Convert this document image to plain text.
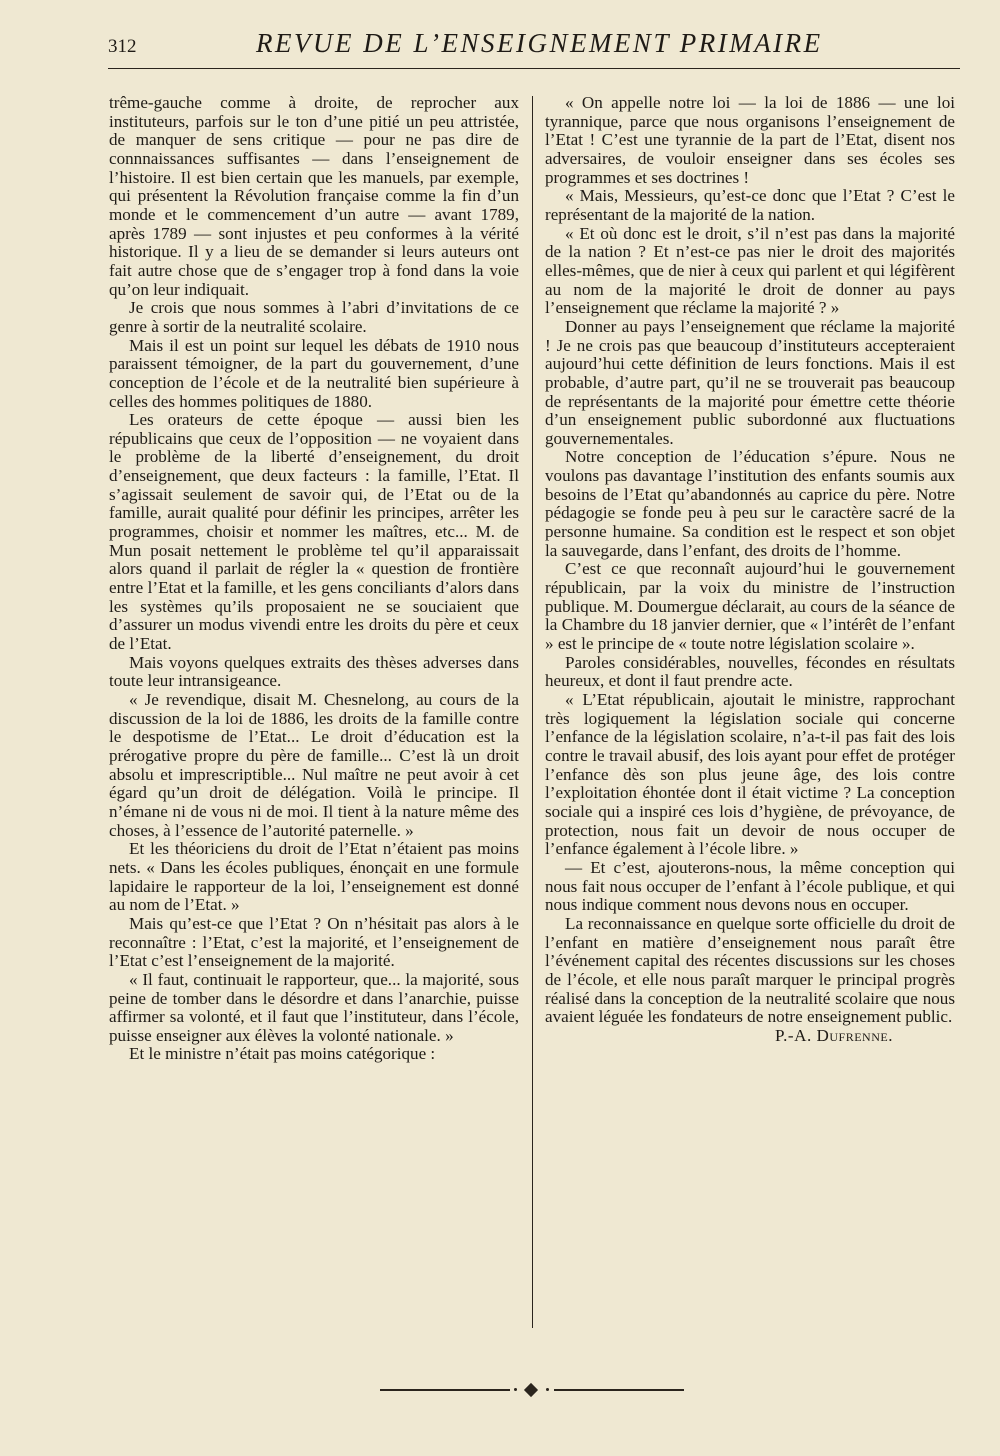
312	REVUE DE L’ENSEIGNEMENT PRIMAIRE

trême-gauche comme à droite, de reprocher aux instituteurs, parfois sur le ton d’une pitié un peu attristée, de manquer de sens critique — pour ne pas dire de connnaissances suffisantes — dans l’enseignement de l’histoire. Il est bien certain que les manuels, par exemple, qui présentent la Révolution française comme la fin d’un monde et le commencement d’un autre — avant 1789, après 1789 — sont injustes et peu conformes à la vérité historique. Il y a lieu de se demander si leurs auteurs ont fait autre chose que de s’engager trop à fond dans la voie qu’on leur indiquait.

Je crois que nous sommes à l’abri d’invitations de ce genre à sortir de la neutralité scolaire.

Mais il est un point sur lequel les débats de 1910 nous paraissent témoigner, de la part du gouvernement, d’une conception de l’école et de la neutralité bien supérieure à celles des hommes politiques de 1880.

Les orateurs de cette époque — aussi bien les républicains que ceux de l’opposition — ne voyaient dans le problème de la liberté d’enseignement, du droit d’enseignement, que deux facteurs : la famille, l’Etat. Il s’agissait seulement de savoir qui, de l’Etat ou de la famille, aurait qualité pour définir les principes, arrêter les programmes, choisir et nommer les maîtres, etc... M. de Mun posait nettement le problème tel qu’il apparaissait alors quand il parlait de régler la « question de frontière entre l’Etat et la famille, et les gens conciliants d’alors dans les systèmes qu’ils proposaient ne se souciaient que d’assurer un modus vivendi entre les droits du père et ceux de l’Etat.

Mais voyons quelques extraits des thèses adverses dans toute leur intransigeance.

« Je revendique, disait M. Chesnelong, au cours de la discussion de la loi de 1886, les droits de la famille contre le despotisme de l’Etat... Le droit d’éducation est la prérogative propre du père de famille... C’est là un droit absolu et imprescriptible... Nul maître ne peut avoir à cet égard qu’un droit de délégation. Voilà le principe. Il n’émane ni de vous ni de moi. Il tient à la nature même des choses, à l’essence de l’autorité paternelle. »

Et les théoriciens du droit de l’Etat n’étaient pas moins nets. « Dans les écoles publiques, énonçait en une formule lapidaire le rapporteur de la loi, l’enseignement est donné au nom de l’Etat. »

Mais qu’est-ce que l’Etat ? On n’hésitait pas alors à le reconnaître : l’Etat, c’est la majorité, et l’enseignement de l’Etat c’est l’enseignement de la majorité.

« Il faut, continuait le rapporteur, que... la majorité, sous peine de tomber dans le désordre et dans l’anarchie, puisse affirmer sa volonté, et il faut que l’instituteur, dans l’école, puisse enseigner aux élèves la volonté nationale. »

Et le ministre n’était pas moins catégorique :

« On appelle notre loi — la loi de 1886 — une loi tyrannique, parce que nous organisons l’enseignement de l’Etat ! C’est une tyrannie de la part de l’Etat, disent nos adversaires, de vouloir enseigner dans ses écoles ses programmes et ses doctrines !

« Mais, Messieurs, qu’est-ce donc que l’Etat ? C’est le représentant de la majorité de la nation.

« Et où donc est le droit, s’il n’est pas dans la majorité de la nation ? Et n’est-ce pas nier le droit des majorités elles-mêmes, que de nier à ceux qui parlent et qui légifèrent au nom de la majorité le droit de donner au pays l’enseignement que réclame la majorité ? »

Donner au pays l’enseignement que réclame la majorité ! Je ne crois pas que beaucoup d’instituteurs accepteraient aujourd’hui cette définition de leurs fonctions. Mais il est probable, d’autre part, qu’il ne se trouverait pas beaucoup de représentants de la majorité pour émettre cette théorie d’un enseignement public subordonné aux fluctuations gouvernementales.

Notre conception de l’éducation s’épure. Nous ne voulons pas davantage l’institution des enfants soumis aux besoins de l’Etat qu’abandonnés au caprice du père. Notre pédagogie se fonde peu à peu sur le caractère sacré de la personne humaine. Sa condition est le respect et son objet la sauvegarde, dans l’enfant, des droits de l’homme.

C’est ce que reconnaît aujourd’hui le gouvernement républicain, par la voix du ministre de l’instruction publique. M. Doumergue déclarait, au cours de la séance de la Chambre du 18 janvier dernier, que « l’intérêt de l’enfant » est le principe de « toute notre législation scolaire ».

Paroles considérables, nouvelles, fécondes en résultats heureux, et dont il faut prendre acte.

« L’Etat républicain, ajoutait le ministre, rapprochant très logiquement la législation sociale qui concerne l’enfance de la législation scolaire, n’a-t-il pas fait des lois contre le travail abusif, des lois ayant pour effet de protéger l’enfance dès son plus jeune âge, des lois contre l’exploitation éhontée dont il était victime ? La conception sociale qui a inspiré ces lois d’hygiène, de prévoyance, de protection, nous fait un devoir de nous occuper de l’enfance également à l’école libre. »

— Et c’est, ajouterons-nous, la même conception qui nous fait nous occuper de l’enfant à l’école publique, et qui nous indique comment nous devons nous en occuper.

La reconnaissance en quelque sorte officielle du droit de l’enfant en matière d’enseignement nous paraît être l’événement capital des récentes discussions sur les choses de l’école, et elle nous paraît marquer le principal progrès réalisé dans la conception de la neutralité scolaire que nous avaient léguée les fondateurs de notre enseignement public.

P.-A. Dufrenne.
